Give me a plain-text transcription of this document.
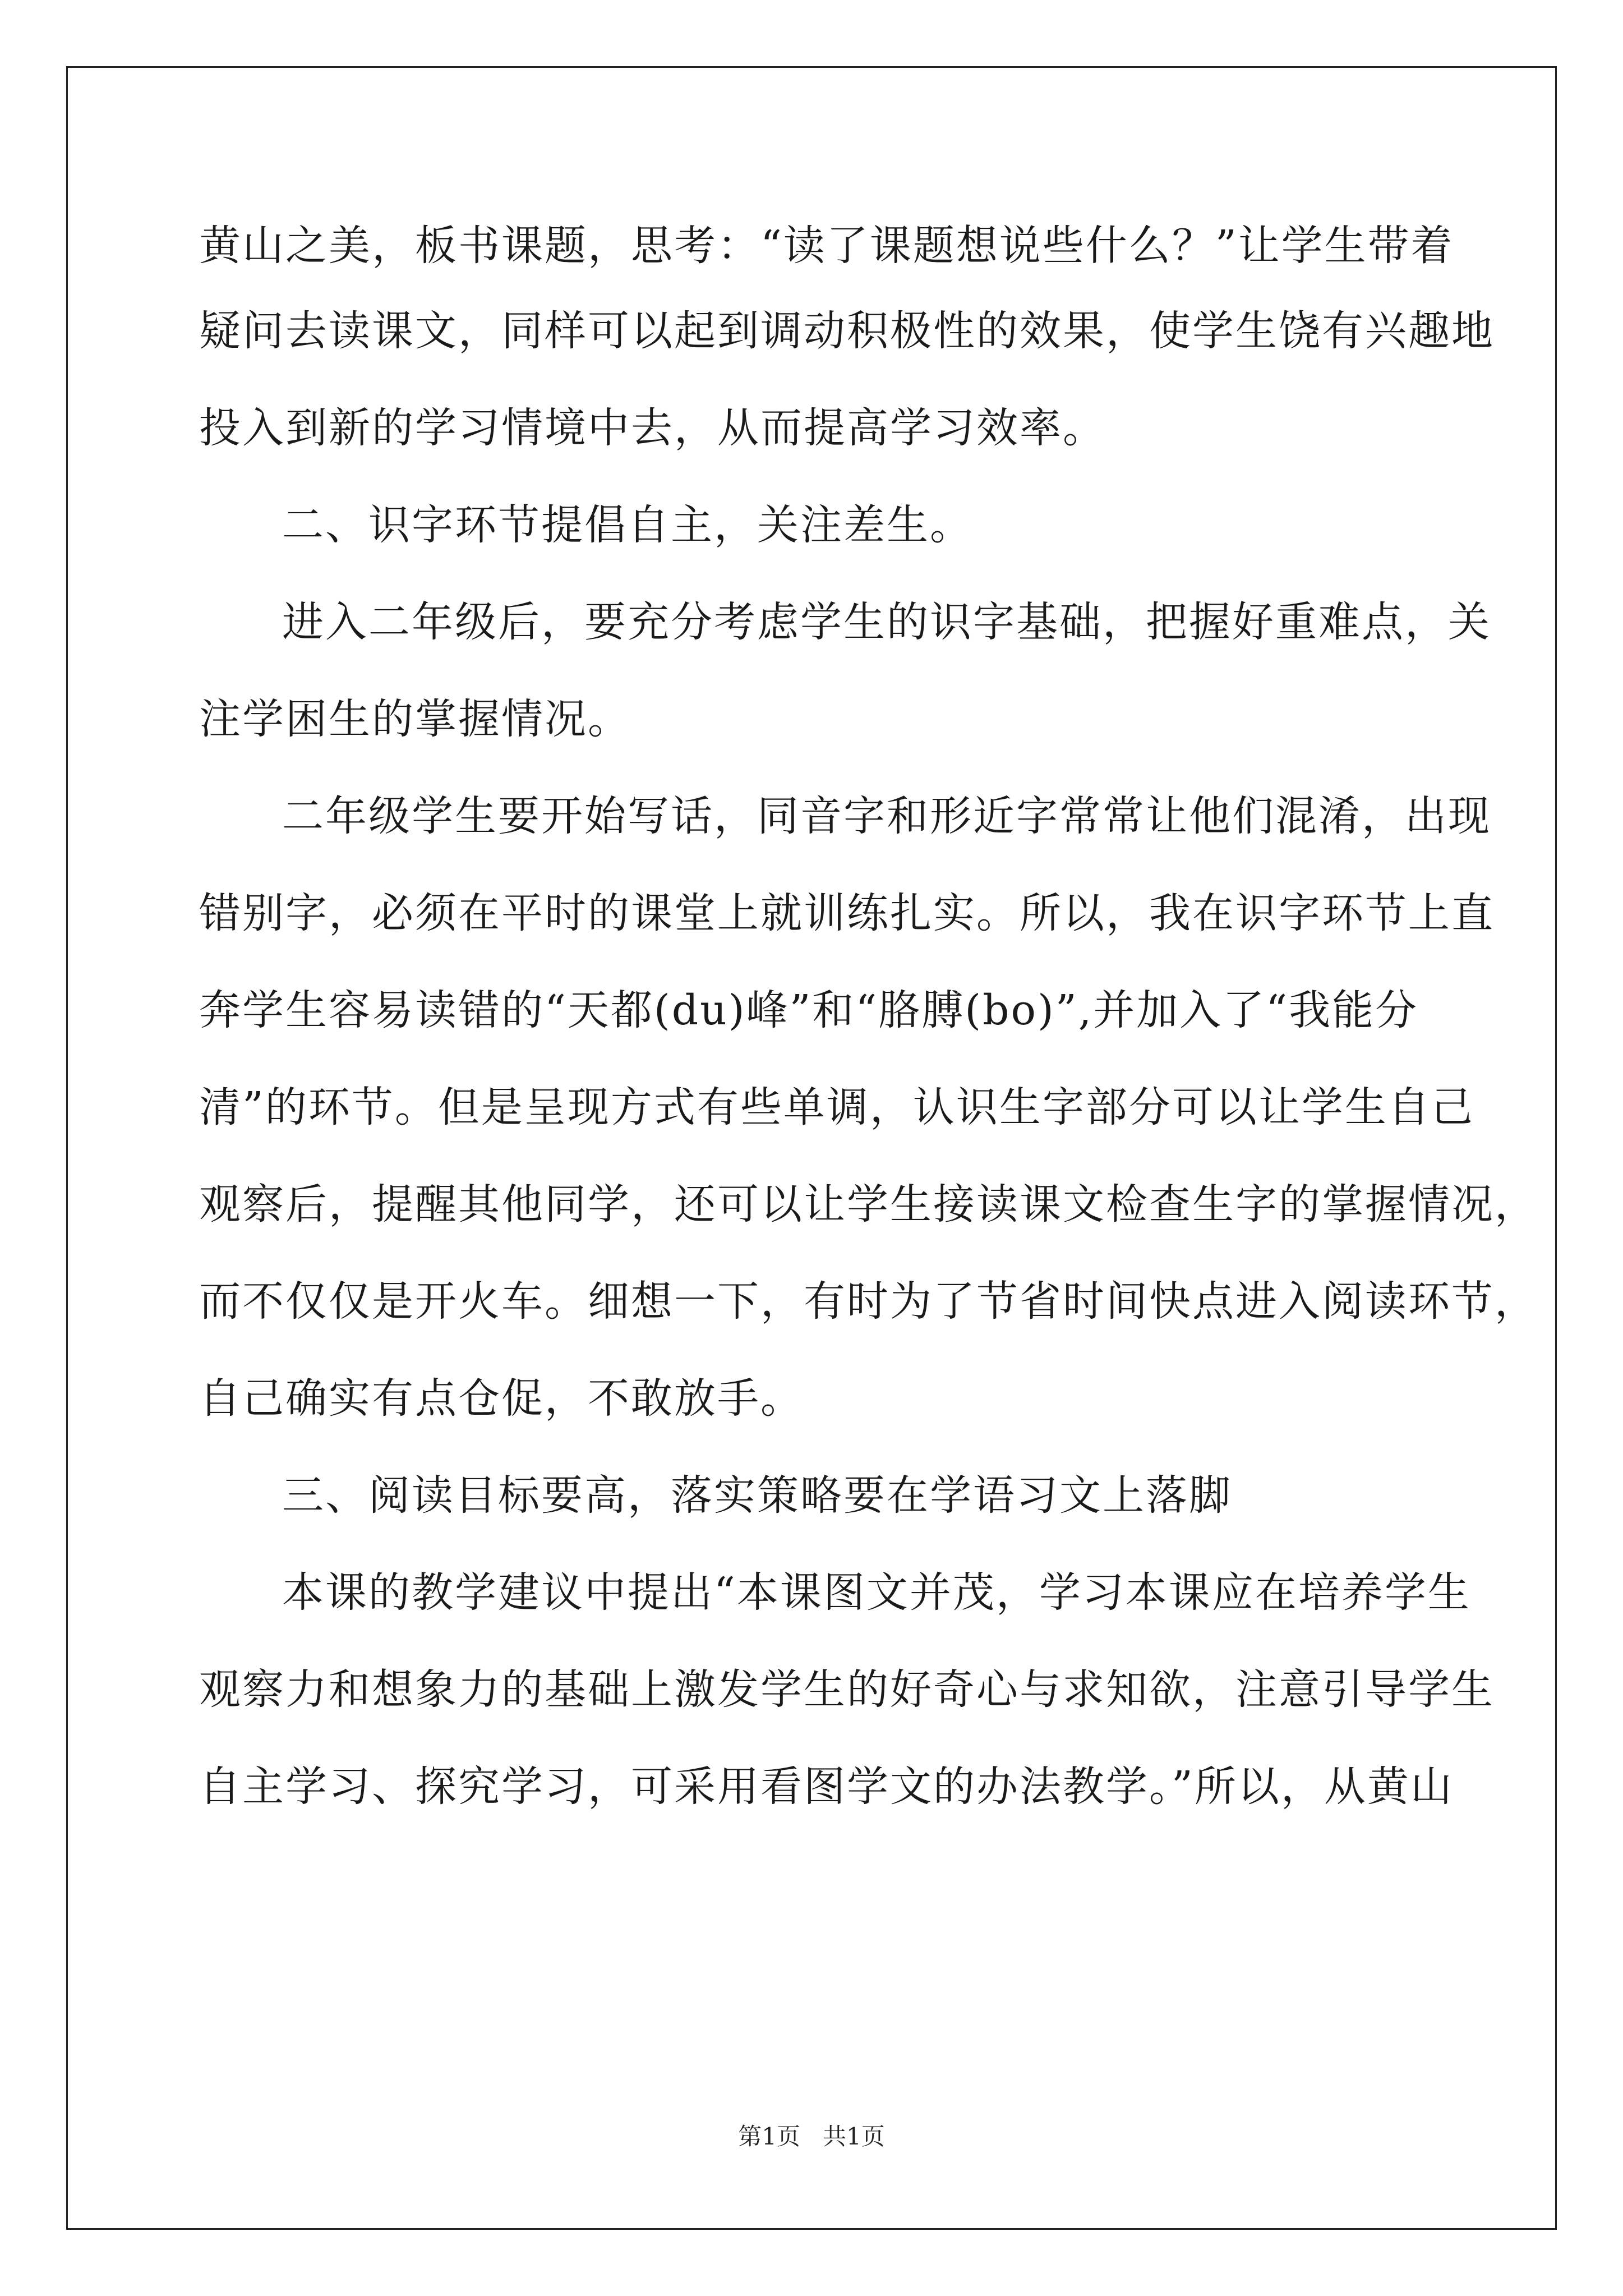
黄山之美，板书课题，思考：“读了课题想说些什么？”让学生带着
疑问去读课文，同样可以起到调动积极性的效果，使学生饶有兴趣地
投入到新的学习情境中去，从而提高学习效率。
二、识字环节提倡自主，关注差生。
进入二年级后，要充分考虑学生的识字基础，把握好重难点，关
注学困生的掌握情况。
二年级学生要开始写话，同音字和形近字常常让他们混淆，出现
错别字，必须在平时的课堂上就训练扎实。所以，我在识字环节上直
奔学生容易读错的“天都(du)峰”和“胳膊(bo)”,并加入了“我能分
清”的环节。但是呈现方式有些单调，认识生字部分可以让学生自己
观察后，提醒其他同学，还可以让学生接读课文检查生字的掌握情况，
而不仅仅是开火车。细想一下，有时为了节省时间快点进入阅读环节，
自己确实有点仓促，不敢放手。
三、阅读目标要高，落实策略要在学语习文上落脚
本课的教学建议中提出“本课图文并茂，学习本课应在培养学生
观察力和想象力的基础上激发学生的好奇心与求知欲，注意引导学生
自主学习、探究学习，可采用看图学文的办法教学。”所以，从黄山
第1页 共1页
